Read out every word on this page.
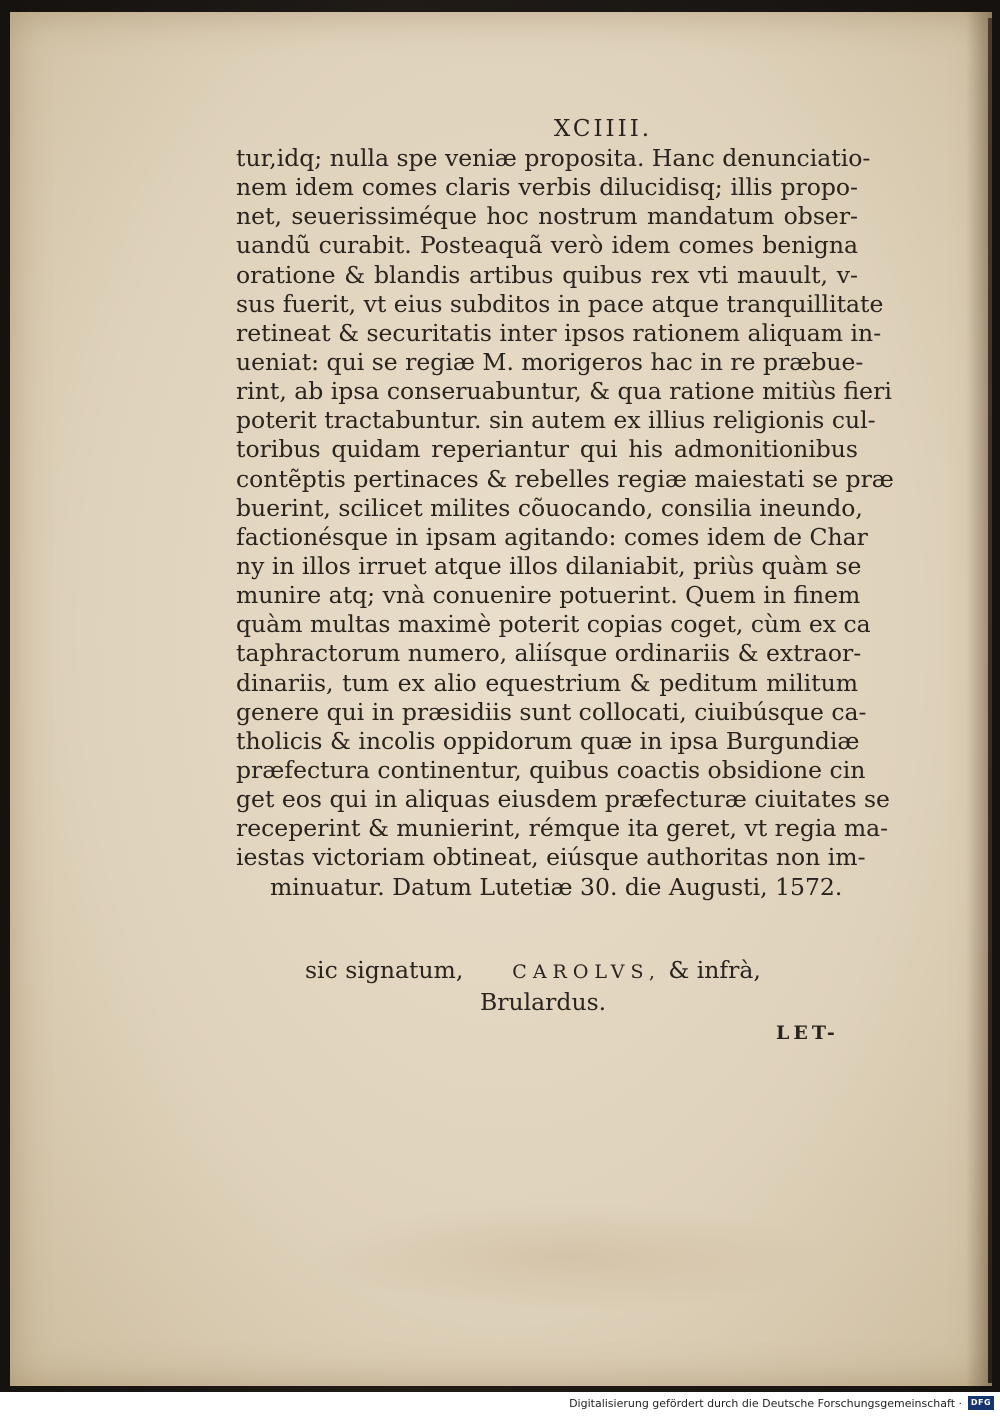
XCIIII.
tur,idq; nulla spe veniæ proposita. Hanc denunciatio-
nem idem comes claris verbis dilucidisq; illis propo-
net, seuerissiméque hoc nostrum mandatum obser-
uandũ curabit. Posteaquã verò idem comes benigna
oratione & blandis artibus quibus rex vti mauult, v-
sus fuerit, vt eius subditos in pace atque tranquillitate
retineat & securitatis inter ipsos rationem aliquam in-
ueniat: qui se regiæ M. morigeros hac in re præbue-
rint, ab ipsa conseruabuntur, & qua ratione mitiùs fieri
poterit tractabuntur. sin autem ex illius religionis cul-
toribus quidam reperiantur qui his admonitionibus
contẽptis pertinaces & rebelles regiæ maiestati se præ
buerint, scilicet milites cõuocando, consilia ineundo,
factionésque in ipsam agitando: comes idem de Char
ny in illos irruet atque illos dilaniabit, priùs quàm se
munire atq; vnà conuenire potuerint. Quem in finem
quàm multas maximè poterit copias coget, cùm ex ca
taphractorum numero, aliísque ordinariis & extraor-
dinariis, tum ex alio equestrium & peditum militum
genere qui in præsidiis sunt collocati, ciuibúsque ca-
tholicis & incolis oppidorum quæ in ipsa Burgundiæ
præfectura continentur, quibus coactis obsidione cin
get eos qui in aliquas eiusdem præfecturæ ciuitates se
receperint & munierint, rémque ita geret, vt regia ma-
iestas victoriam obtineat, eiúsque authoritas non im-
minuatur. Datum Lutetiæ 30. die Augusti, 1572.
sic signatum,	CAROLVS, & infrà,
Brulardus.
LET-
Digitalisierung gefördert durch die Deutsche Forschungsgemeinschaft ·	DFG
